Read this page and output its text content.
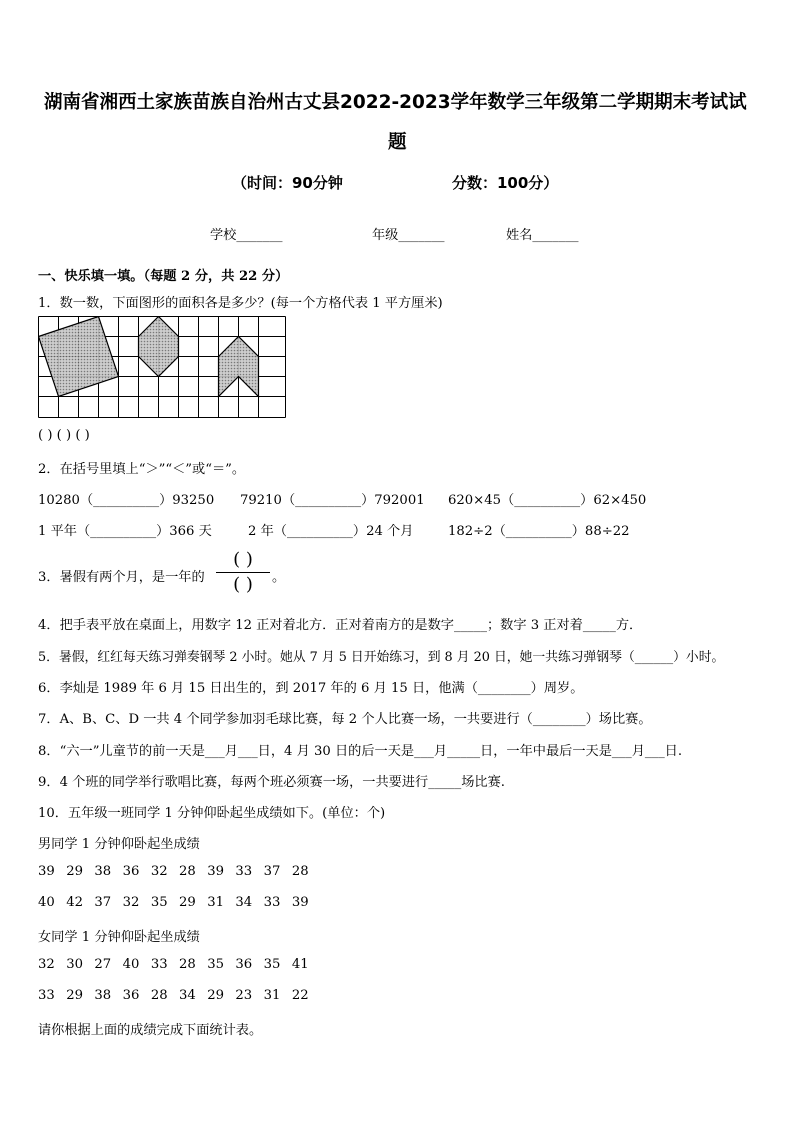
湖南省湘西土家族苗族自治州古丈县2022-2023学年数学三年级第二学期期末考试试
题
（时间：90分钟	分数：100分）
学校_______	年级_______	姓名_______
一、快乐填一填。（每题 2 分，共 22 分）
1．数一数，下面图形的面积各是多少？(每一个方格代表 1 平方厘米)
( ) ( ) ( )
2．在括号里填上“＞”“＜”或“＝”。
10280（__________）93250 79210（__________）792001 620×45（__________）62×450
1 平年（__________）366 天	2 年（__________）24 个月	182÷2（__________）88÷22
3．暑假有两个月，是一年的
( )
( )	。
4．把手表平放在桌面上，用数字 12 正对着北方．正对着南方的是数字_____；数字 3 正对着_____方．
5．暑假，红红每天练习弹奏钢琴 2 小时。她从 7 月 5 日开始练习，到 8 月 20 日，她一共练习弹钢琴（______）小时。
6．李灿是 1989 年 6 月 15 日出生的，到 2017 年的 6 月 15 日，他满（________）周岁。
7．A、B、C、D 一共 4 个同学参加羽毛球比赛，每 2 个人比赛一场，一共要进行（________）场比赛。
8．“六一”儿童节的前一天是___月___日，4 月 30 日的后一天是___月_____日，一年中最后一天是___月___日.
9．4 个班的同学举行歌唱比赛，每两个班必须赛一场，一共要进行_____场比赛.
10．五年级一班同学 1 分钟仰卧起坐成绩如下。(单位：个)
男同学 1 分钟仰卧起坐成绩
39 29 38 36 32 28 39 33 37 28
40 42 37 32 35 29 31 34 33 39
女同学 1 分钟仰卧起坐成绩
32 30 27 40 33 28 35 36 35 41
33 29 38 36 28 34 29 23 31 22
请你根据上面的成绩完成下面统计表。
